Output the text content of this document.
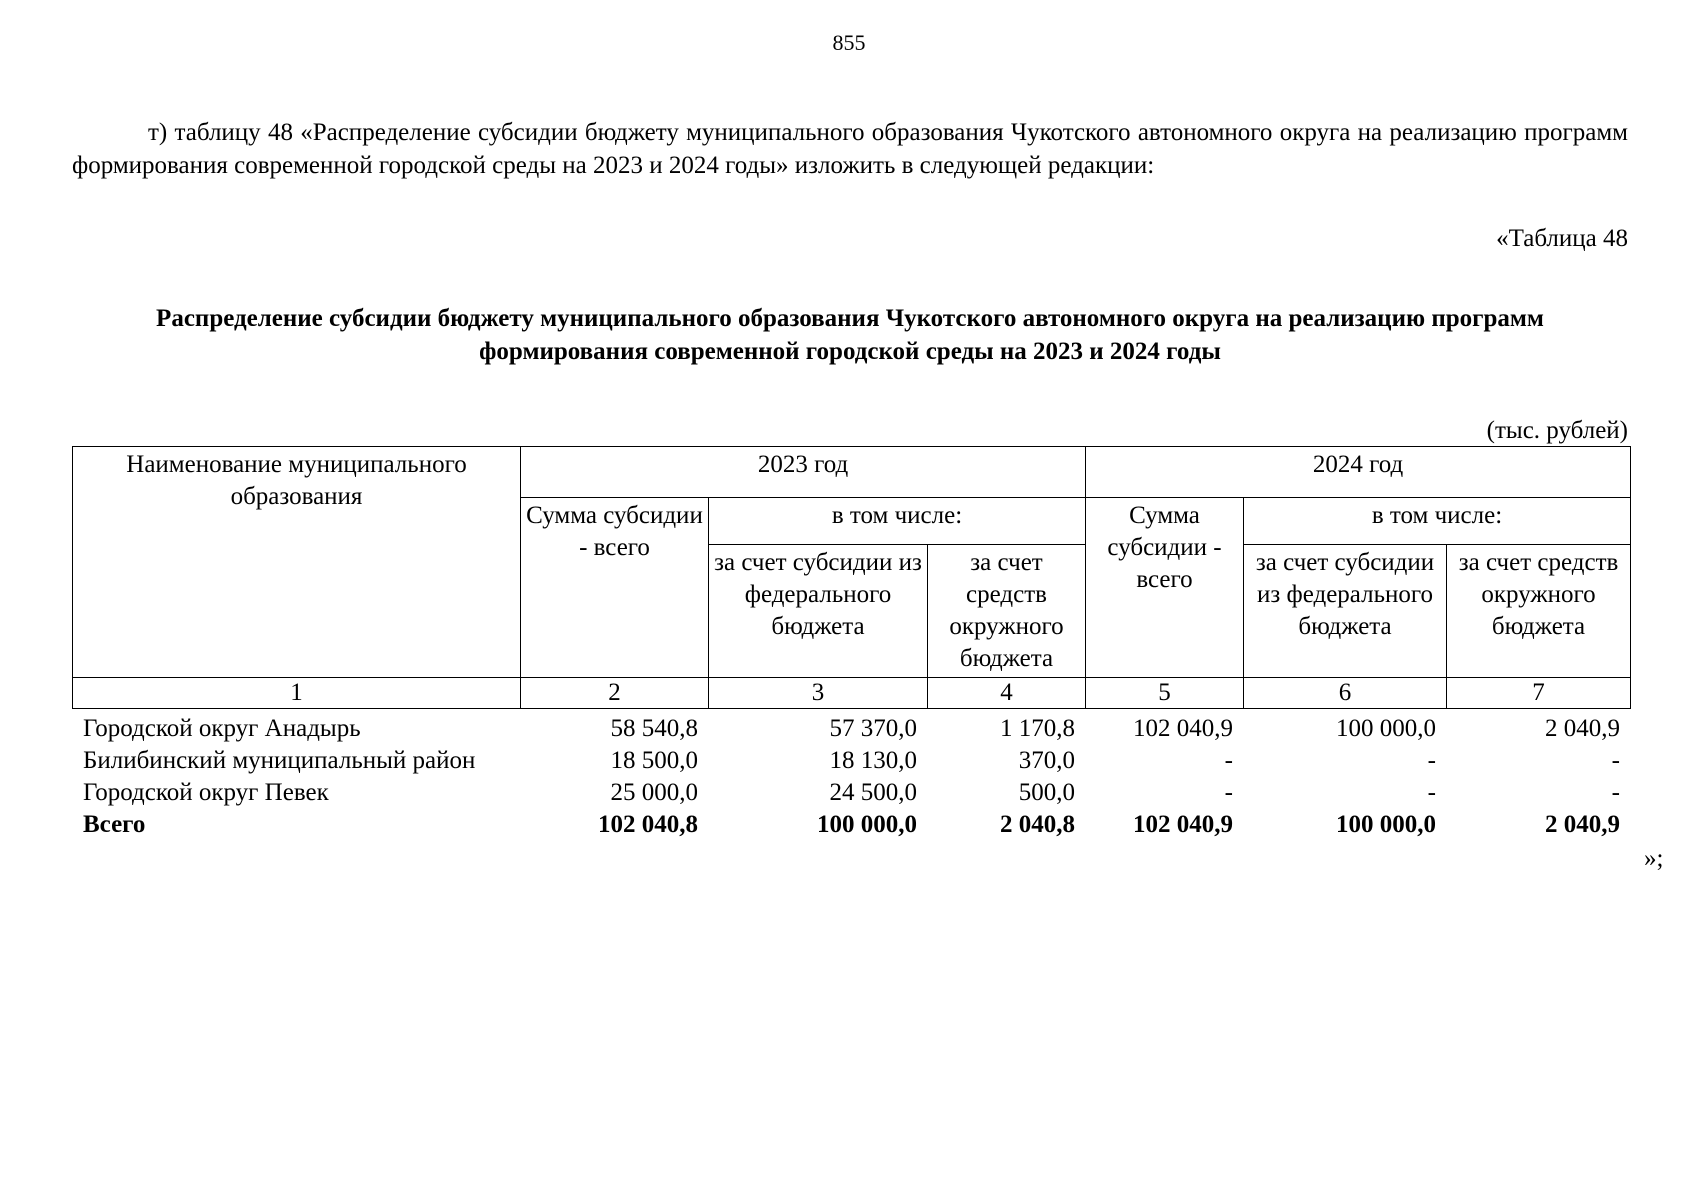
855
т) таблицу 48 «Распределение субсидии бюджету муниципального образования Чукотского автономного округа на реализацию программ формирования современной городской среды на 2023 и 2024 годы» изложить в следующей редакции:
«Таблица 48
Распределение субсидии бюджету муниципального образования Чукотского автономного округа на реализацию программ формирования современной городской среды на 2023 и 2024 годы
(тыс. рублей)
Наименование муниципального образования	2023 год			2024 год		
	Сумма субсидии - всего	в том числе:		Сумма субсидии - всего	в том числе:	
		за счет субсидии из федерального бюджета	за счет средств окружного бюджета		за счет субсидии из федерального бюджета	за счет средств окружного бюджета
1	2	3	4	5	6	7
Городской округ Анадырь	58 540,8	57 370,0	1 170,8	102 040,9	100 000,0	2 040,9
Билибинский муниципальный район	18 500,0	18 130,0	370,0	-	-	-
Городской округ Певек	25 000,0	24 500,0	500,0	-	-	-
Всего	102 040,8	100 000,0	2 040,8	102 040,9	100 000,0	2 040,9
»;
